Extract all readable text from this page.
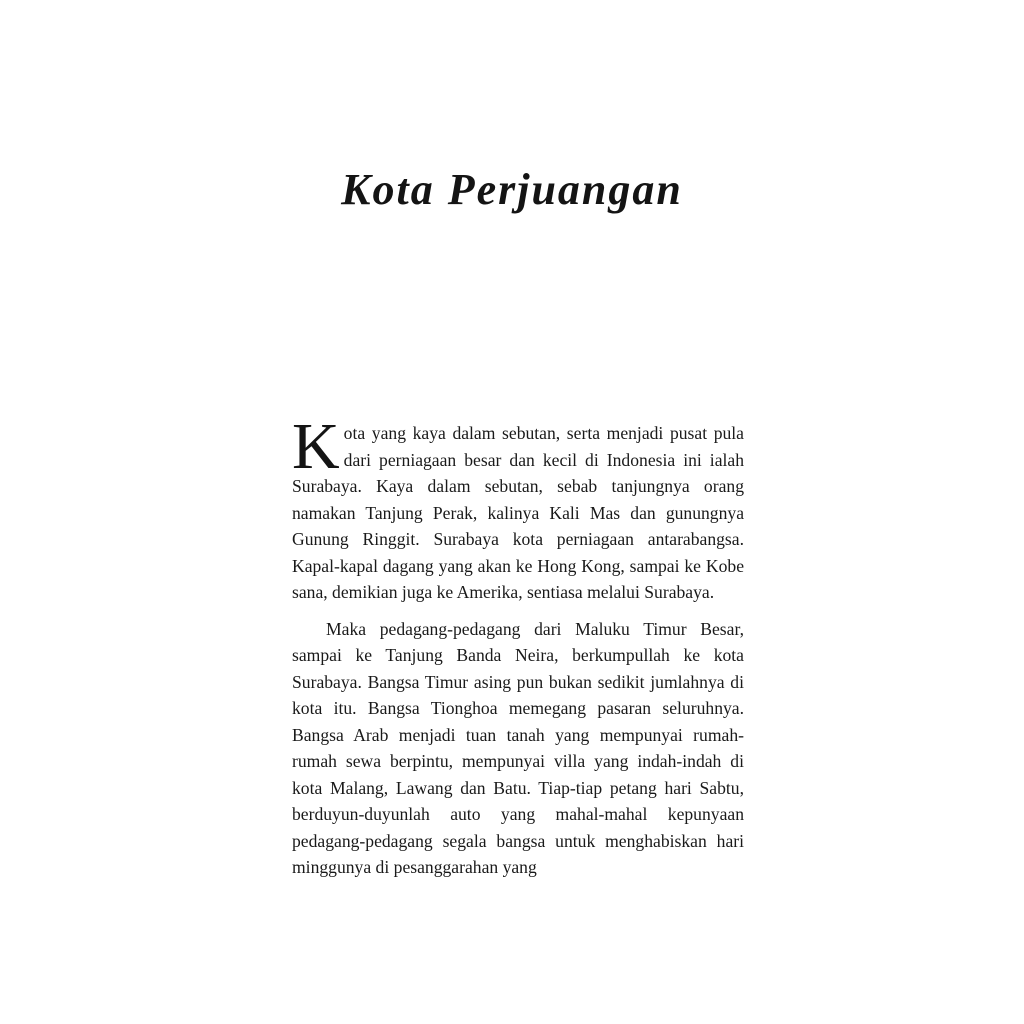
Kota Perjuangan

K ota yang kaya dalam sebutan, serta menjadi pusat pula dari perniagaan besar dan kecil di Indonesia ini ialah Surabaya. Kaya dalam sebutan, sebab tanjungnya orang namakan Tanjung Perak, kalinya Kali Mas dan gunungnya Gunung Ringgit. Surabaya kota perniagaan antarabangsa. Kapal-kapal dagang yang akan ke Hong Kong, sampai ke Kobe sana, demikian juga ke Amerika, sentiasa melalui Surabaya.

Maka pedagang-pedagang dari Maluku Timur Besar, sampai ke Tanjung Banda Neira, berkumpullah ke kota Surabaya. Bangsa Timur asing pun bukan sedikit jumlahnya di kota itu. Bangsa Tionghoa memegang pasaran seluruhnya. Bangsa Arab menjadi tuan tanah yang mempunyai rumah-rumah sewa berpintu, mempunyai villa yang indah-indah di kota Malang, Lawang dan Batu. Tiap-tiap petang hari Sabtu, berduyun-duyunlah auto yang mahal-mahal kepunyaan pedagang-pedagang segala bangsa untuk menghabiskan hari minggunya di pesanggarahan yang
